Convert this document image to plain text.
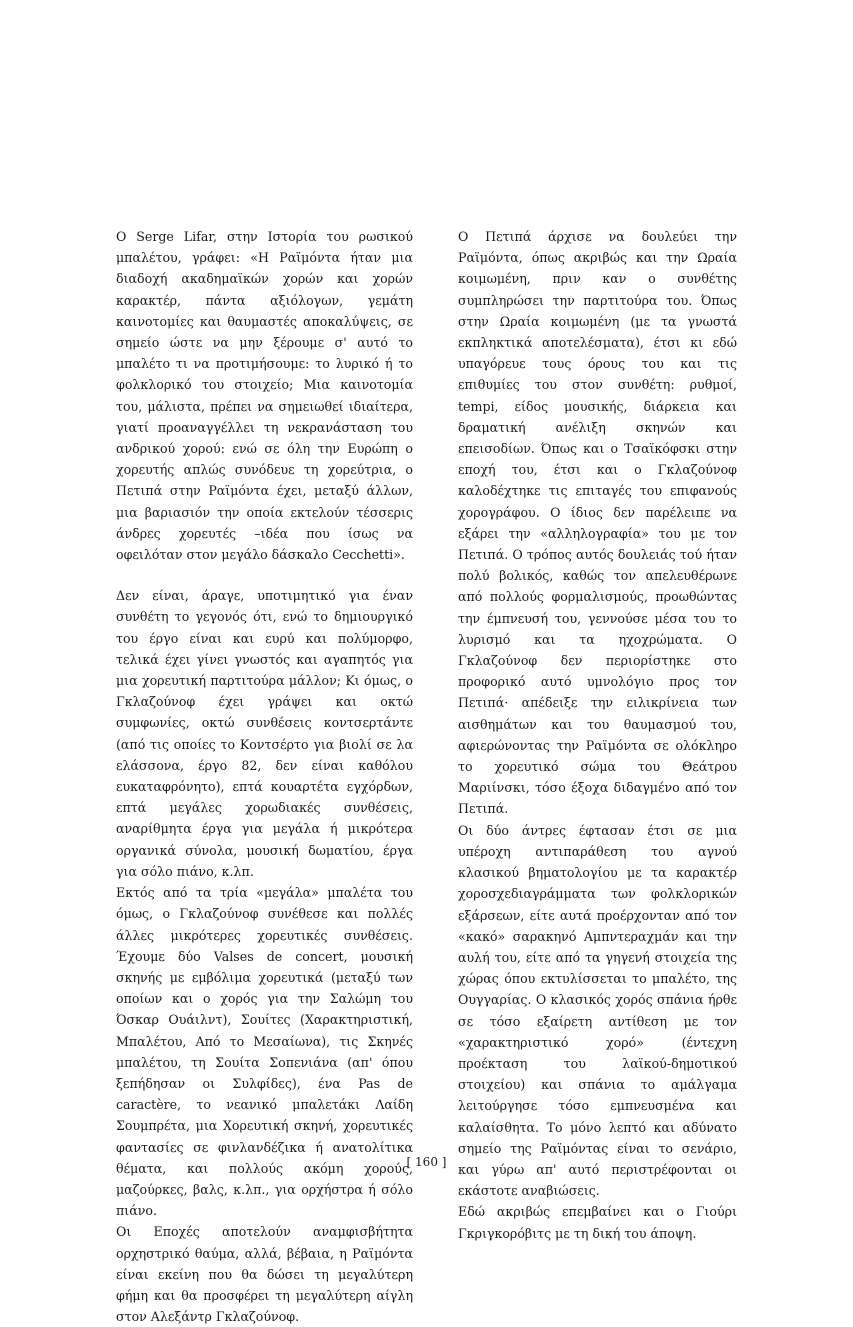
Ο Serge Lifar, στην Ιστορία του ρωσικού μπαλέτου, γράφει: «Η Ραϊμόντα ήταν μια διαδοχή ακαδημαϊκών χορών και χορών καρακτέρ, πάντα αξιόλογων, γεμάτη καινοτομίες και θαυμαστές αποκαλύψεις, σε σημείο ώστε να μην ξέρουμε σ' αυτό το μπαλέτο τι να προτιμήσουμε: το λυρικό ή το φολκλορικό του στοιχείο; Μια καινοτομία του, μάλιστα, πρέπει να σημειωθεί ιδιαίτερα, γιατί προαναγγέλλει τη νεκρανάσταση του ανδρικού χορού: ενώ σε όλη την Ευρώπη ο χορευτής απλώς συνόδευε τη χορεύτρια, ο Πετιπά στην Ραϊμόντα έχει, μεταξύ άλλων, μια βαριασιόν την οποία εκτελούν τέσσερις άνδρες χορευτές –ιδέα που ίσως να οφειλόταν στον μεγάλο δάσκαλο Cecchetti».

Δεν είναι, άραγε, υποτιμητικό για έναν συνθέτη το γεγονός ότι, ενώ το δημιουργικό του έργο είναι και ευρύ και πολύμορφο, τελικά έχει γίνει γνωστός και αγαπητός για μια χορευτική παρτιτούρα μάλλον; Κι όμως, ο Γκλαζούνοφ έχει γράψει και οκτώ συμφωνίες, οκτώ συνθέσεις κοντσερτάντε (από τις οποίες το Κοντσέρτο για βιολί σε λα ελάσσονα, έργο 82, δεν είναι καθόλου ευκαταφρόνητο), επτά κουαρτέτα εγχόρδων, επτά μεγάλες χορωδιακές συνθέσεις, αναρίθμητα έργα για μεγάλα ή μικρότερα οργανικά σύνολα, μουσική δωματίου, έργα για σόλο πιάνο, κ.λπ.

Εκτός από τα τρία «μεγάλα» μπαλέτα του όμως, ο Γκλαζούνοφ συνέθεσε και πολλές άλλες μικρότερες χορευτικές συνθέσεις. Έχουμε δύο Valses de concert, μουσική σκηνής με εμβόλιμα χορευτικά (μεταξύ των οποίων και ο χορός για την Σαλώμη του Όσκαρ Ουάιλντ), Σουίτες (Χαρακτηριστική, Μπαλέτου, Από το Μεσαίωνα), τις Σκηνές μπαλέτου, τη Σουίτα Σοπενιάνα (απ' όπου ξεπήδησαν οι Συλφίδες), ένα Pas de caractère, το νεανικό μπαλετάκι Λαίδη Σουμπρέτα, μια Χορευτική σκηνή, χορευτικές φαντασίες σε φινλανδέζικα ή ανατολίτικα θέματα, και πολλούς ακόμη χορούς, μαζούρκες, βαλς, κ.λπ., για ορχήστρα ή σόλο πιάνο.

Οι Εποχές αποτελούν αναμφισβήτητα ορχηστρικό θαύμα, αλλά, βέβαια, η Ραϊμόντα είναι εκείνη που θα δώσει τη μεγαλύτερη φήμη και θα προσφέρει τη μεγαλύτερη αίγλη στον Αλεξάντρ Γκλαζούνοφ.

Ο Πετιπά άρχισε να δουλεύει την Ραϊμόντα, όπως ακριβώς και την Ωραία κοιμωμένη, πριν καν ο συνθέτης συμπληρώσει την παρτιτούρα του. Όπως στην Ωραία κοιμωμένη (με τα γνωστά εκπληκτικά αποτελέσματα), έτσι κι εδώ υπαγόρευε τους όρους του και τις επιθυμίες του στον συνθέτη: ρυθμοί, tempi, είδος μουσικής, διάρκεια και δραματική ανέλιξη σκηνών και επεισοδίων. Όπως και ο Τσαϊκόφσκι στην εποχή του, έτσι και ο Γκλαζούνοφ καλοδέχτηκε τις επιταγές του επιφανούς χορογράφου. Ο ίδιος δεν παρέλειπε να εξάρει την «αλληλογραφία» του με τον Πετιπά. Ο τρόπος αυτός δουλειάς τού ήταν πολύ βολικός, καθώς τον απελευθέρωνε από πολλούς φορμαλισμούς, προωθώντας την έμπνευσή του, γεννούσε μέσα του το λυρισμό και τα ηχοχρώματα. Ο Γκλαζούνοφ δεν περιορίστηκε στο προφορικό αυτό υμνολόγιο προς τον Πετιπά· απέδειξε την ειλικρίνεια των αισθημάτων και του θαυμασμού του, αφιερώνοντας την Ραϊμόντα σε ολόκληρο το χορευτικό σώμα του Θεάτρου Μαριίνσκι, τόσο έξοχα διδαγμένο από τον Πετιπά.

Οι δύο άντρες έφτασαν έτσι σε μια υπέροχη αντιπαράθεση του αγνού κλασικού βηματολογίου με τα καρακτέρ χοροσχεδιαγράμματα των φολκλορικών εξάρσεων, είτε αυτά προέρχονταν από τον «κακό» σαρακηνό Αμπντεραχμάν και την αυλή του, είτε από τα γηγενή στοιχεία της χώρας όπου εκτυλίσσεται το μπαλέτο, της Ουγγαρίας. Ο κλασικός χορός σπάνια ήρθε σε τόσο εξαίρετη αντίθεση με τον «χαρακτηριστικό χορό» (έντεχνη προέκταση του λαϊκού-δημοτικού στοιχείου) και σπάνια το αμάλγαμα λειτούργησε τόσο εμπνευσμένα και καλαίσθητα. Το μόνο λεπτό και αδύνατο σημείο της Ραϊμόντας είναι το σενάριο, και γύρω απ' αυτό περιστρέφονται οι εκάστοτε αναβιώσεις.

Εδώ ακριβώς επεμβαίνει και ο Γιούρι Γκριγκορόβιτς με τη δική του άποψη.

[ 160 ]
